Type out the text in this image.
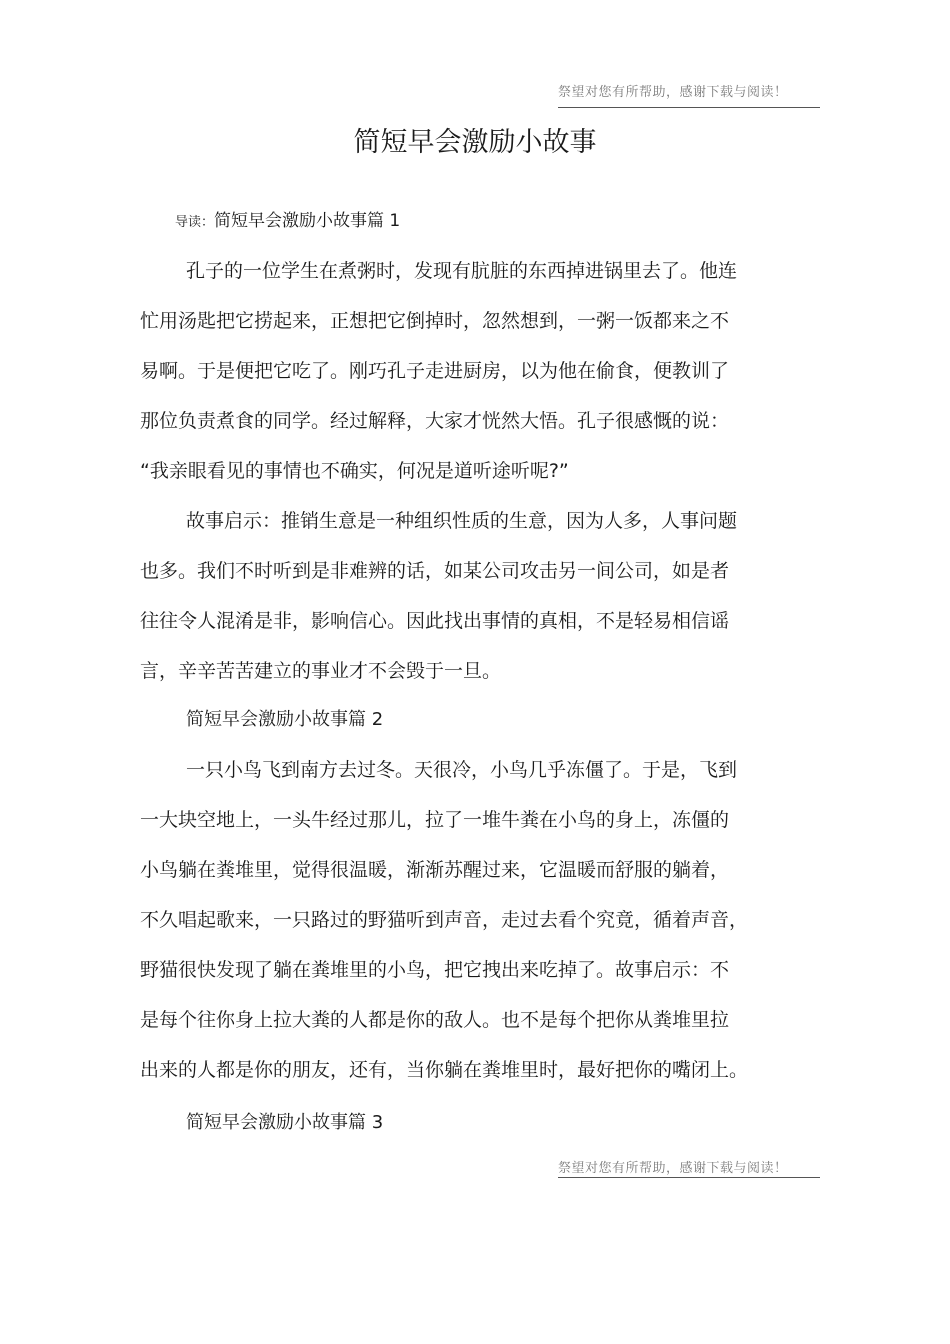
祭望对您有所帮助，感谢下载与阅读！
简短早会激励小故事
导读：简短早会激励小故事篇 1
孔子的一位学生在煮粥时，发现有肮脏的东西掉进锅里去了。他连
忙用汤匙把它捞起来，正想把它倒掉时，忽然想到，一粥一饭都来之不
易啊。于是便把它吃了。刚巧孔子走进厨房，以为他在偷食，便教训了
那位负责煮食的同学。经过解释，大家才恍然大悟。孔子很感慨的说：
“我亲眼看见的事情也不确实，何况是道听途听呢?”
故事启示：推销生意是一种组织性质的生意，因为人多，人事问题
也多。我们不时听到是非难辨的话，如某公司攻击另一间公司，如是者
往往令人混淆是非，影响信心。因此找出事情的真相，不是轻易相信谣
言，辛辛苦苦建立的事业才不会毁于一旦。
简短早会激励小故事篇 2
一只小鸟飞到南方去过冬。天很冷，小鸟几乎冻僵了。于是，飞到
一大块空地上，一头牛经过那儿，拉了一堆牛粪在小鸟的身上，冻僵的
小鸟躺在粪堆里，觉得很温暖，渐渐苏醒过来，它温暖而舒服的躺着，
不久唱起歌来，一只路过的野猫听到声音，走过去看个究竟，循着声音，
野猫很快发现了躺在粪堆里的小鸟，把它拽出来吃掉了。故事启示：不
是每个往你身上拉大粪的人都是你的敌人。也不是每个把你从粪堆里拉
出来的人都是你的朋友，还有，当你躺在粪堆里时，最好把你的嘴闭上。
简短早会激励小故事篇 3
祭望对您有所帮助，感谢下载与阅读！
